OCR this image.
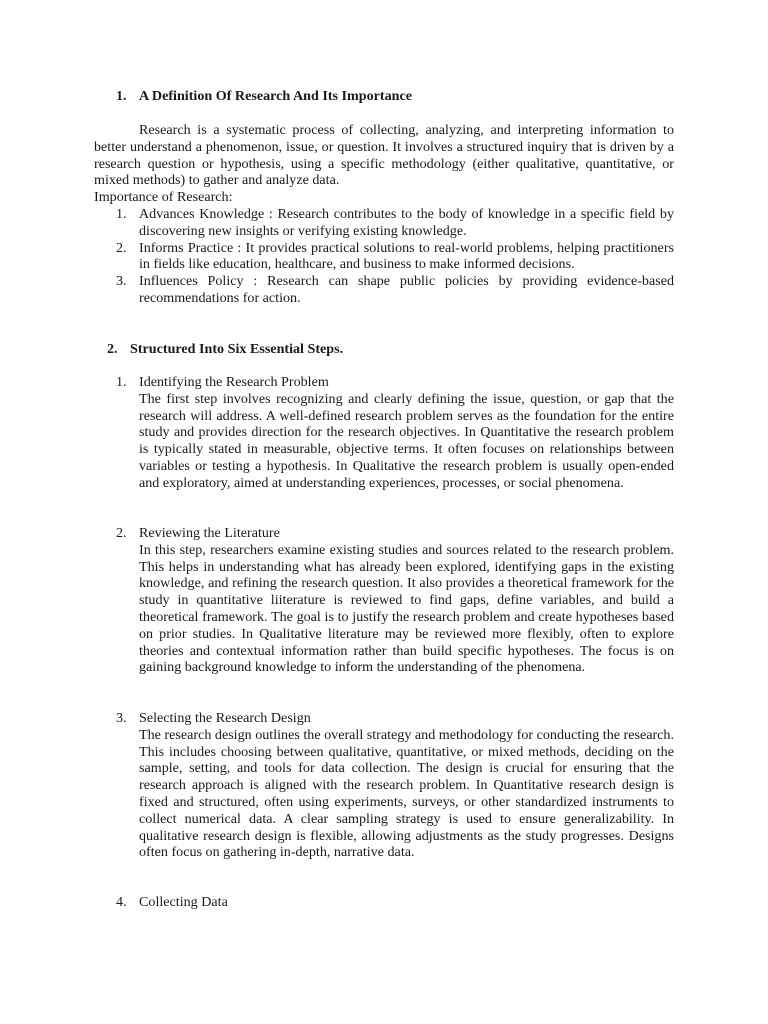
1. A Definition Of Research And Its Importance

Research is a systematic process of collecting, analyzing, and interpreting information to better understand a phenomenon, issue, or question. It involves a structured inquiry that is driven by a research question or hypothesis, using a specific methodology (either qualitative, quantitative, or mixed methods) to gather and analyze data.

Importance of Research:
1. Advances Knowledge : Research contributes to the body of knowledge in a specific field by discovering new insights or verifying existing knowledge.
2. Informs Practice : It provides practical solutions to real-world problems, helping practitioners in fields like education, healthcare, and business to make informed decisions.
3. Influences Policy : Research can shape public policies by providing evidence-based recommendations for action.
2. Structured Into Six Essential Steps.
1. Identifying the Research Problem
The first step involves recognizing and clearly defining the issue, question, or gap that the research will address. A well-defined research problem serves as the foundation for the entire study and provides direction for the research objectives. In Quantitative the research problem is typically stated in measurable, objective terms. It often focuses on relationships between variables or testing a hypothesis. In Qualitative the research problem is usually open-ended and exploratory, aimed at understanding experiences, processes, or social phenomena.
2. Reviewing the Literature
In this step, researchers examine existing studies and sources related to the research problem. This helps in understanding what has already been explored, identifying gaps in the existing knowledge, and refining the research question. It also provides a theoretical framework for the study in quantitative liiterature is reviewed to find gaps, define variables, and build a theoretical framework. The goal is to justify the research problem and create hypotheses based on prior studies. In Qualitative literature may be reviewed more flexibly, often to explore theories and contextual information rather than build specific hypotheses. The focus is on gaining background knowledge to inform the understanding of the phenomena.
3. Selecting the Research Design
The research design outlines the overall strategy and methodology for conducting the research. This includes choosing between qualitative, quantitative, or mixed methods, deciding on the sample, setting, and tools for data collection. The design is crucial for ensuring that the research approach is aligned with the research problem. In Quantitative research design is fixed and structured, often using experiments, surveys, or other standardized instruments to collect numerical data. A clear sampling strategy is used to ensure generalizability. In qualitative research design is flexible, allowing adjustments as the study progresses. Designs often focus on gathering in-depth, narrative data.
4. Collecting Data
